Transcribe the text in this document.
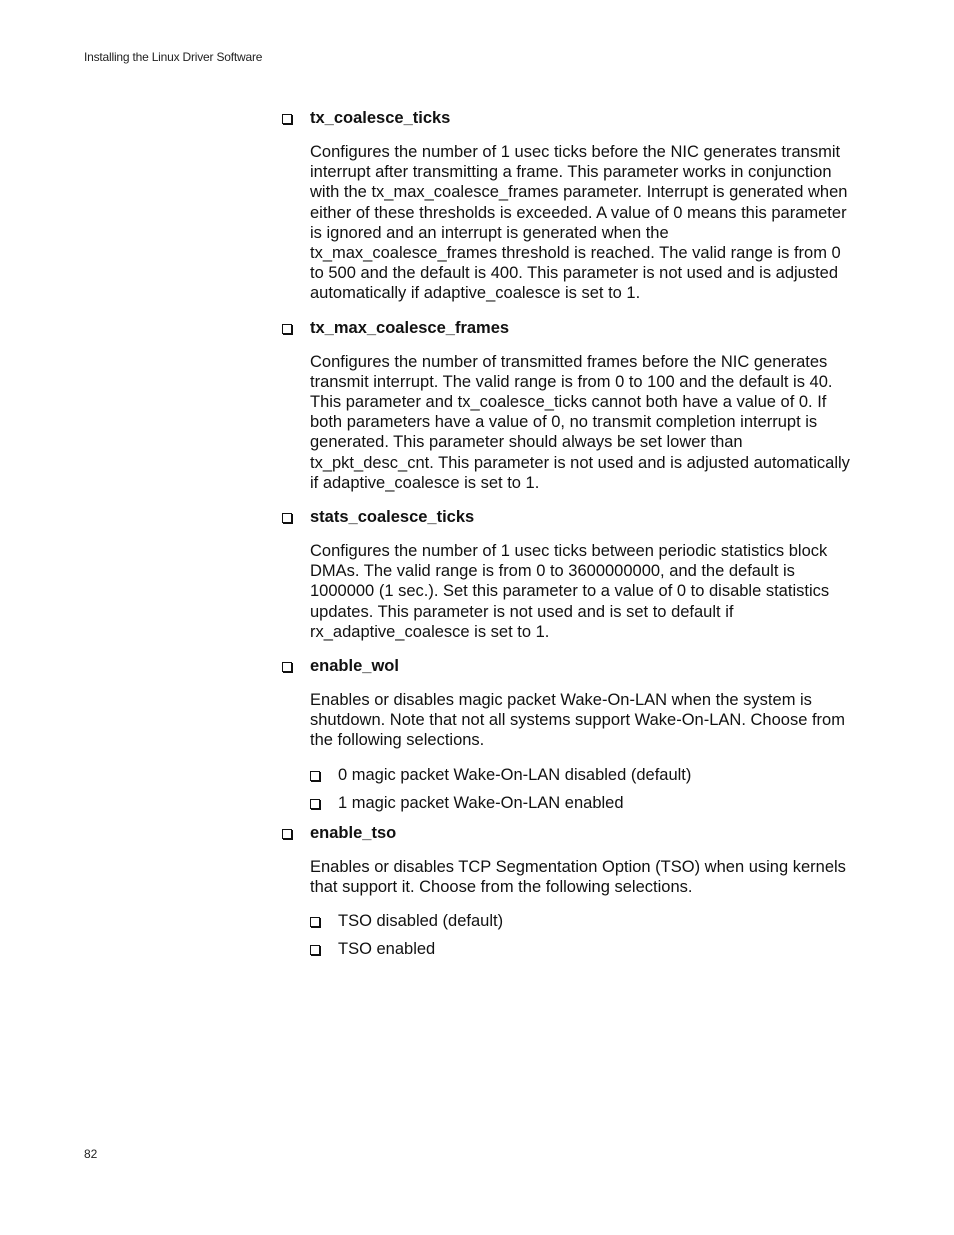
Installing the Linux Driver Software
tx_coalesce_ticks
Configures the number of 1 usec ticks before the NIC generates transmit interrupt after transmitting a frame. This parameter works in conjunction with the tx_max_coalesce_frames parameter. Interrupt is generated when either of these thresholds is exceeded. A value of 0 means this parameter is ignored and an interrupt is generated when the tx_max_coalesce_frames threshold is reached. The valid range is from 0 to 500 and the default is 400. This parameter is not used and is adjusted automatically if adaptive_coalesce is set to 1.
tx_max_coalesce_frames
Configures the number of transmitted frames before the NIC generates transmit interrupt. The valid range is from 0 to 100 and the default is 40. This parameter and tx_coalesce_ticks cannot both have a value of 0. If both parameters have a value of 0, no transmit completion interrupt is generated. This parameter should always be set lower than tx_pkt_desc_cnt. This parameter is not used and is adjusted automatically if adaptive_coalesce is set to 1.
stats_coalesce_ticks
Configures the number of 1 usec ticks between periodic statistics block DMAs. The valid range is from 0 to 3600000000, and the default is 1000000 (1 sec.). Set this parameter to a value of 0 to disable statistics updates. This parameter is not used and is set to default if rx_adaptive_coalesce is set to 1.
enable_wol
Enables or disables magic packet Wake-On-LAN when the system is shutdown. Note that not all systems support Wake-On-LAN. Choose from the following selections.
0 magic packet Wake-On-LAN disabled (default)
1 magic packet Wake-On-LAN enabled
enable_tso
Enables or disables TCP Segmentation Option (TSO) when using kernels that support it. Choose from the following selections.
TSO disabled (default)
TSO enabled
82
